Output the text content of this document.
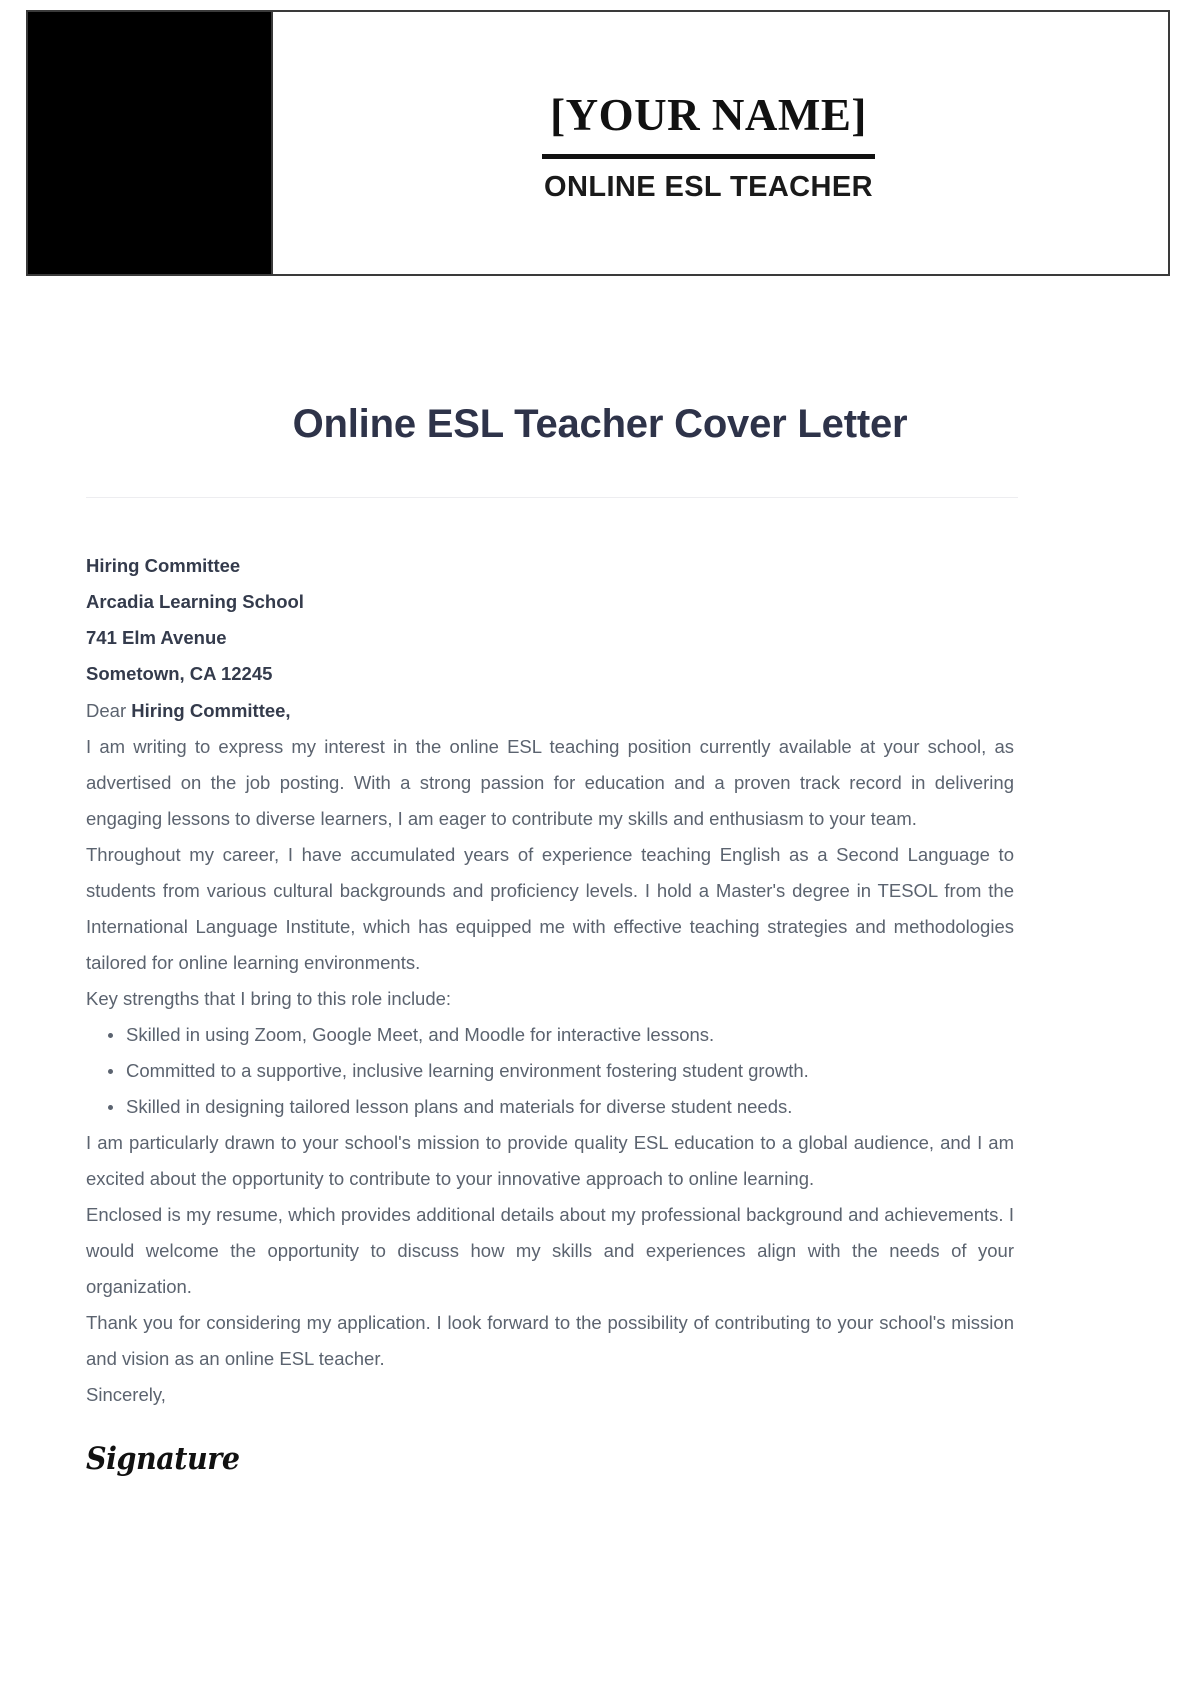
[YOUR NAME]
ONLINE ESL TEACHER
Online ESL Teacher Cover Letter
Hiring Committee
Arcadia Learning School
741 Elm Avenue
Sometown, CA 12245
Dear Hiring Committee,

I am writing to express my interest in the online ESL teaching position currently available at your school, as advertised on the job posting. With a strong passion for education and a proven track record in delivering engaging lessons to diverse learners, I am eager to contribute my skills and enthusiasm to your team.

Throughout my career, I have accumulated years of experience teaching English as a Second Language to students from various cultural backgrounds and proficiency levels. I hold a Master's degree in TESOL from the International Language Institute, which has equipped me with effective teaching strategies and methodologies tailored for online learning environments.

Key strengths that I bring to this role include:

Skilled in using Zoom, Google Meet, and Moodle for interactive lessons.
Committed to a supportive, inclusive learning environment fostering student growth.
Skilled in designing tailored lesson plans and materials for diverse student needs.

I am particularly drawn to your school's mission to provide quality ESL education to a global audience, and I am excited about the opportunity to contribute to your innovative approach to online learning.

Enclosed is my resume, which provides additional details about my professional background and achievements. I would welcome the opportunity to discuss how my skills and experiences align with the needs of your organization.

Thank you for considering my application. I look forward to the possibility of contributing to your school's mission and vision as an online ESL teacher.

Sincerely,
Signature
